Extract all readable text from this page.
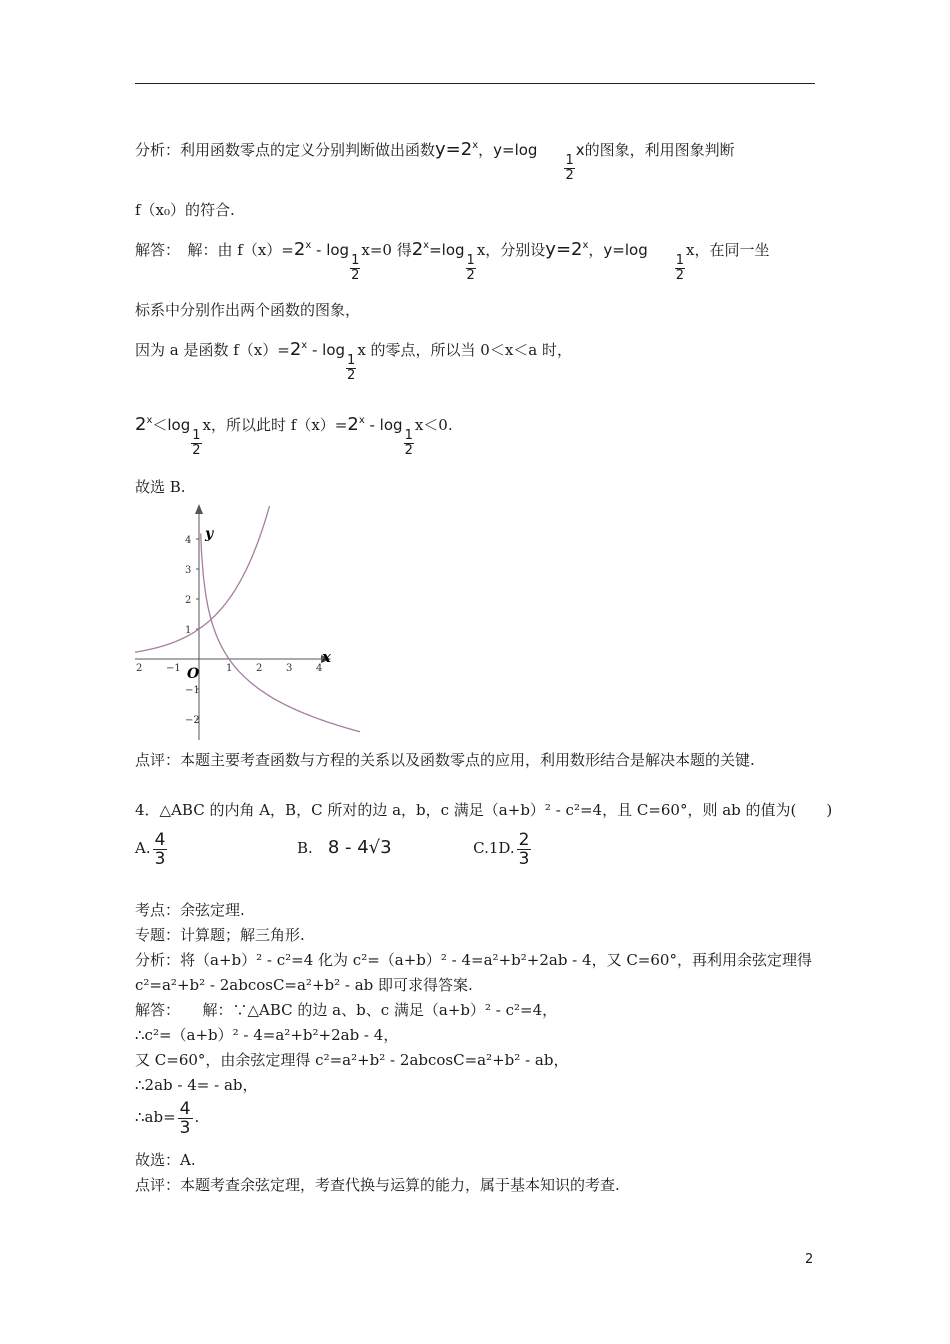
分析：利用函数零点的定义分别判断做出函数$y=2^x$，y=log
$\frac{1}{2}$
x的图象，利用图象判断
f（x₀）的符合.
解答：　 解：由 $f(x)=2^x - \log$
$\frac{1}{2}$
x=0 得$2^x=\log$
$\frac{1}{2}$
x，分别设$y=2^x$，y=log
$\frac{1}{2}$
x，在同一坐
标系中分别作出两个函数的图象，
因为 a 是函数 $f(x)=2^x - \log$
$\frac{1}{2}$
x 的零点，所以当 0＜x＜a 时，
$2^x<\log$
$\frac{1}{2}$
x，所以此时 $f(x)=2^x - \log$
$\frac{1}{2}$
x＜0.
故选 B.
2 −1	1 2 3 4
4
3
2
1
−1
−2
y
x
O
点评：本题主要考查函数与方程的关系以及函数零点的应用，利用数形结合是解决本题的关键.
4．△ABC 的内角 A，B，C 所对的边 a，b，c 满足（a+b）² - c²=4，且 C=60°，则 ab 的值为(　　)
A. $\frac{4}{3}$	B.　 8 - 4√3	C.1D. $\frac{2}{3}$
考点：余弦定理.
专题：计算题；解三角形.
分析：将（a+b）² - c²=4 化为 c²=（a+b）² - 4=a²+b²+2ab - 4，又 C=60°，再利用余弦定理得
c²=a²+b² - 2abcosC=a²+b² - ab 即可求得答案.
解答：　　解：∵△ABC 的边 a、b、c 满足（a+b）² - c²=4，
∴c²=（a+b）² - 4=a²+b²+2ab - 4，
又 C=60°，由余弦定理得 c²=a²+b² - 2abcosC=a²+b² - ab，
∴2ab - 4= - ab，
∴ab= $\frac{4}{3}$ .
故选：A.
点评：本题考查余弦定理，考查代换与运算的能力，属于基本知识的考查.
2
